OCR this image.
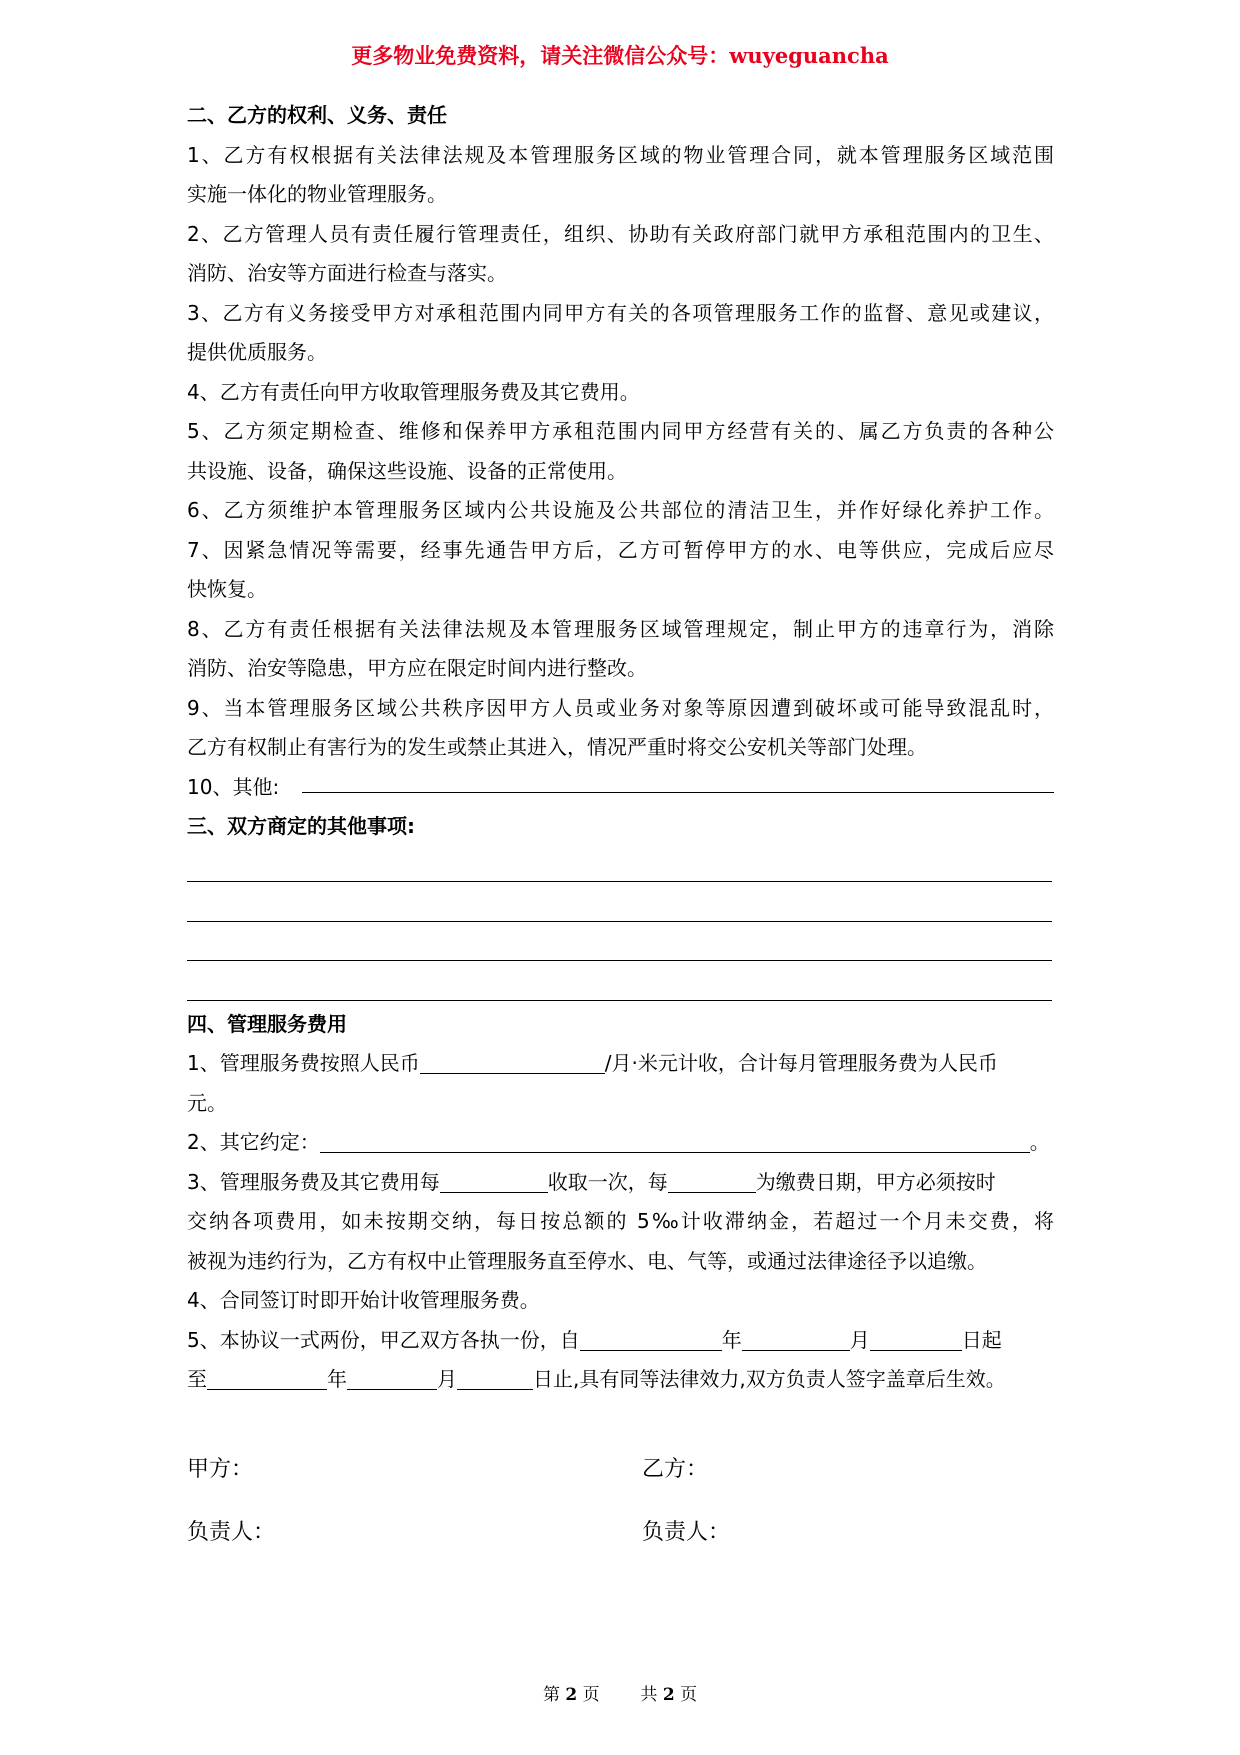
更多物业免费资料，请关注微信公众号：wuyeguancha
二、乙方的权利、义务、责任
1、乙方有权根据有关法律法规及本管理服务区域的物业管理合同，就本管理服务区域范围
实施一体化的物业管理服务。
2、乙方管理人员有责任履行管理责任，组织、协助有关政府部门就甲方承租范围内的卫生、
消防、治安等方面进行检查与落实。
3、乙方有义务接受甲方对承租范围内同甲方有关的各项管理服务工作的监督、意见或建议，
提供优质服务。
4、乙方有责任向甲方收取管理服务费及其它费用。
5、乙方须定期检查、维修和保养甲方承租范围内同甲方经营有关的、属乙方负责的各种公
共设施、设备，确保这些设施、设备的正常使用。
6、乙方须维护本管理服务区域内公共设施及公共部位的清洁卫生，并作好绿化养护工作。
7、因紧急情况等需要，经事先通告甲方后，乙方可暂停甲方的水、电等供应，完成后应尽
快恢复。
8、乙方有责任根据有关法律法规及本管理服务区域管理规定，制止甲方的违章行为，消除
消防、治安等隐患，甲方应在限定时间内进行整改。
9、当本管理服务区域公共秩序因甲方人员或业务对象等原因遭到破坏或可能导致混乱时，
乙方有权制止有害行为的发生或禁止其进入，情况严重时将交公安机关等部门处理。
10、其他:
三、双方商定的其他事项:
四、管理服务费用
1、管理服务费按照人民币	/月·米元计收，合计每月管理服务费为人民币
元。
2、其它约定：	。
3、管理服务费及其它费用每	收取一次，每	为缴费日期，甲方必须按时
交纳各项费用，如未按期交纳，每日按总额的 5‰计收滞纳金，若超过一个月未交费，将
被视为违约行为，乙方有权中止管理服务直至停水、电、气等，或通过法律途径予以追缴。
4、合同签订时即开始计收管理服务费。
5、本协议一式两份，甲乙双方各执一份，自	年	月	日起
至	年	月	日止,具有同等法律效力,双方负责人签字盖章后生效。
甲方：	乙方：
负责人：	负责人：
第 2 页 共 2 页
